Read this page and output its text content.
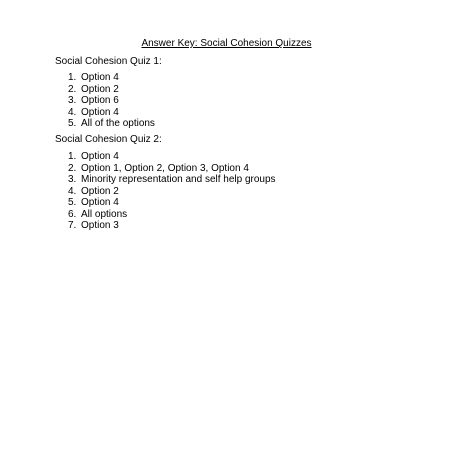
Answer Key: Social Cohesion Quizzes
Social Cohesion Quiz 1:
1. Option 4
2. Option 2
3. Option 6
4. Option 4
5. All of the options
Social Cohesion Quiz 2:
1. Option 4
2. Option 1, Option 2, Option 3, Option 4
3. Minority representation and self help groups
4. Option 2
5. Option 4
6. All options
7. Option 3
